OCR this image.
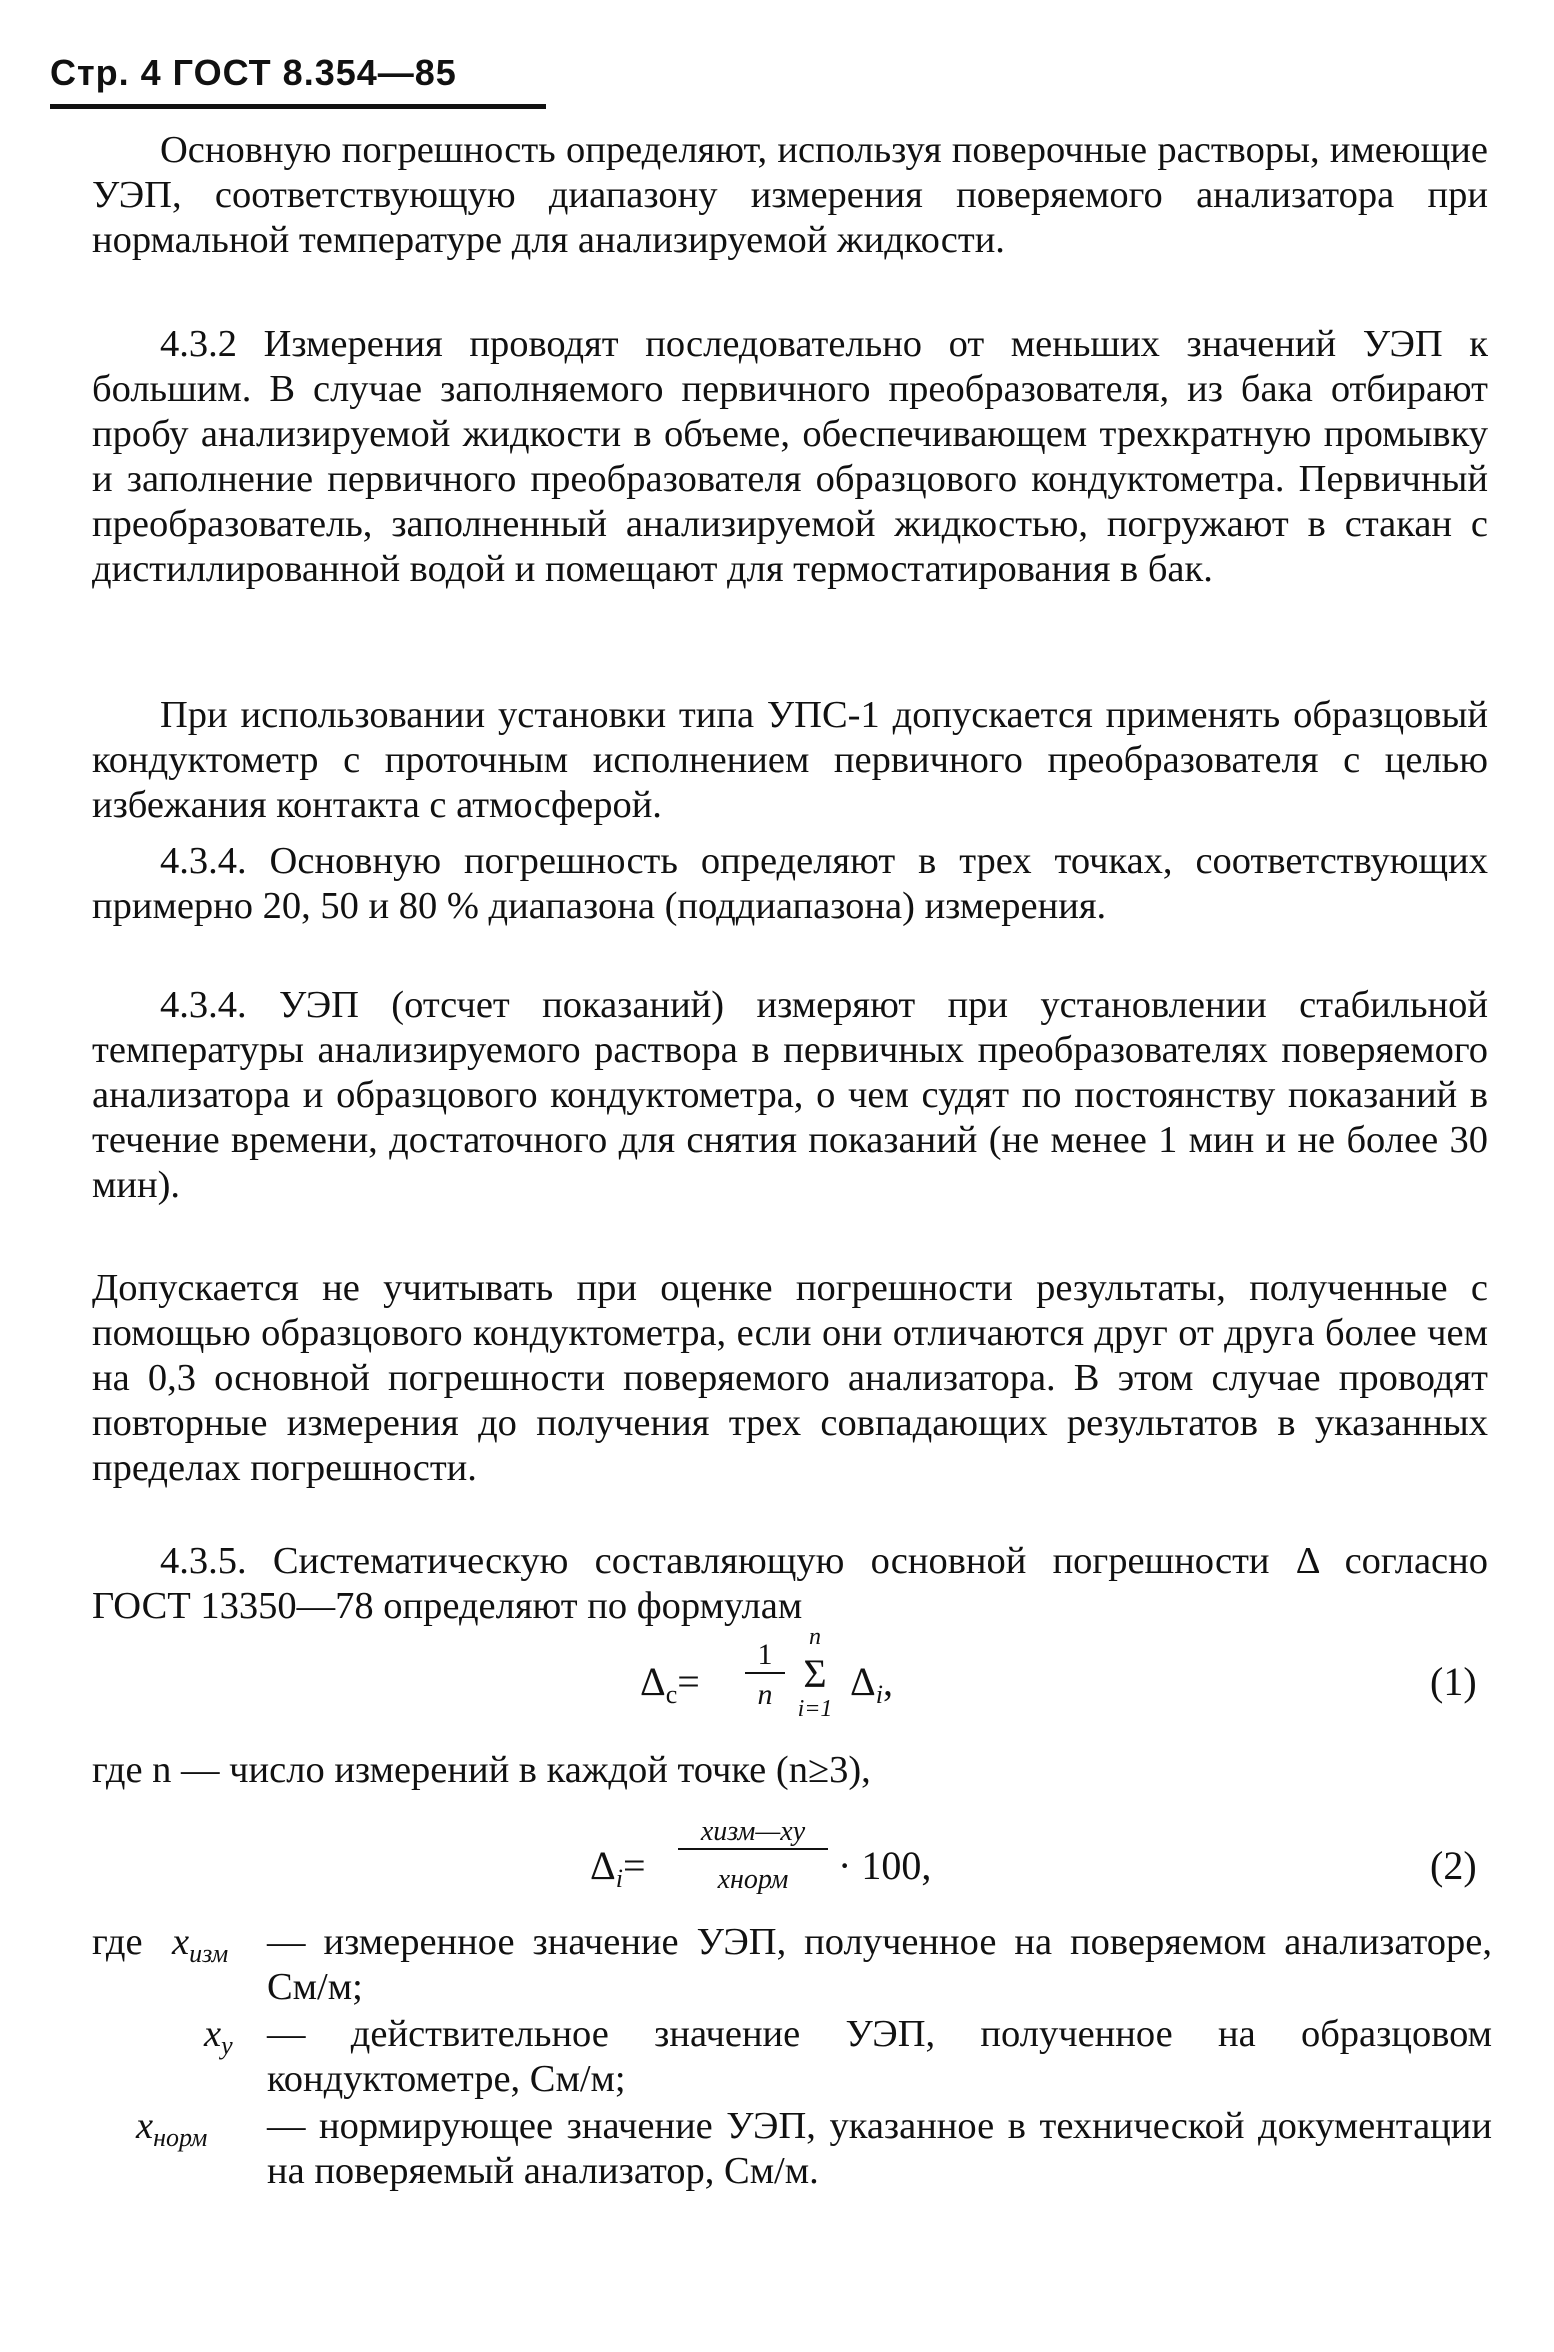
Стр. 4 ГОСТ 8.354—85

Основную погрешность определяют, используя поверочные растворы, имеющие УЭП, соответствующую диапазону измерения поверяемого анализатора при нормальной температуре для анализируемой жидкости.

4.3.2 Измерения проводят последовательно от меньших значений УЭП к большим. В случае заполняемого первичного преобразователя, из бака отбирают пробу анализируемой жидкости в объеме, обеспечивающем трехкратную промывку и заполнение первичного преобразователя образцового кондуктометра. Первичный преобразователь, заполненный анализируемой жидкостью, погружают в стакан с дистиллированной водой и помещают для термостатирования в бак.

При использовании установки типа УПС-1 допускается применять образцовый кондуктометр с проточным исполнением первичного преобразователя с целью избежания контакта с атмосферой.

4.3.4. Основную погрешность определяют в трех точках, соответствующих примерно 20, 50 и 80 % диапазона (поддиапазона) измерения.

4.3.4. УЭП (отсчет показаний) измеряют при установлении стабильной температуры анализируемого раствора в первичных преобразователях поверяемого анализатора и образцового кондуктометра, о чем судят по постоянству показаний в течение времени, достаточного для снятия показаний (не менее 1 мин и не более 30 мин).

Допускается не учитывать при оценке погрешности результаты, полученные с помощью образцового кондуктометра, если они отличаются друг от друга более чем на 0,3 основной погрешности поверяемого анализатора. В этом случае проводят повторные измерения до получения трех совпадающих результатов в указанных пределах погрешности.

4.3.5. Систематическую составляющую основной погрешности Δ согласно ГОСТ 13350—78 определяют по формулам

$\Delta_с=$
1
n
n
Σ
i=1
$\Delta_i$,	(1)
где n — число измерений в каждой точке (n≥3),
$\Delta_i=$
xизм—xу
xнорм	· 100,	(2)
где $x_{изм}$ — измеренное значение УЭП, полученное на поверяемом анализаторе, См/м;
$x_у$ — действительное значение УЭП, полученное на образцовом кондуктометре, См/м;
$x_{норм}$ — нормирующее значение УЭП, указанное в технической документации на поверяемый анализатор, См/м.
